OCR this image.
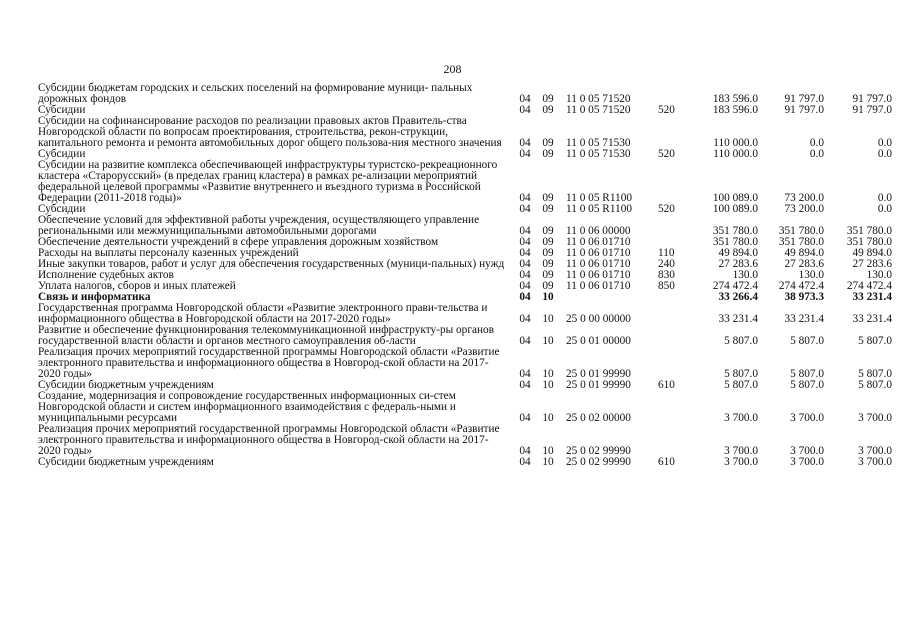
208
Субсидии бюджетам городских и сельских поселений на формирование муници- пальных дорожных фондов	04	09	11 0 05 71520		183 596.0	91 797.0	91 797.0
Субсидии	04	09	11 0 05 71520	520	183 596.0	91 797.0	91 797.0
Субсидии на софинансирование расходов по реализации правовых актов Правитель-ства Новгородской области по вопросам проектирования, строительства, рекон-струкции, капитального ремонта и ремонта автомобильных дорог общего пользова-ния местного значения	04	09	11 0 05 71530		110 000.0	0.0	0.0
Субсидии	04	09	11 0 05 71530	520	110 000.0	0.0	0.0
Субсидии на развитие комплекса обеспечивающей инфраструктуры туристско-рекреационного кластера «Старорусский» (в пределах границ кластера) в рамках ре-ализации мероприятий федеральной целевой программы «Развитие внутреннего и въездного туризма в Российской Федерации (2011-2018 годы)»	04	09	11 0 05 R1100		100 089.0	73 200.0	0.0
Субсидии	04	09	11 0 05 R1100	520	100 089.0	73 200.0	0.0
Обеспечение условий для эффективной работы учреждения, осуществляющего управление региональными или межмуниципальными автомобильными дорогами	04	09	11 0 06 00000		351 780.0	351 780.0	351 780.0
Обеспечение деятельности учреждений в сфере управления дорожным хозяйством	04	09	11 0 06 01710		351 780.0	351 780.0	351 780.0
Расходы на выплаты персоналу казенных учреждений	04	09	11 0 06 01710	110	49 894.0	49 894.0	49 894.0
Иные закупки товаров, работ и услуг для обеспечения государственных (муници-пальных) нужд	04	09	11 0 06 01710	240	27 283.6	27 283.6	27 283.6
Исполнение судебных актов	04	09	11 0 06 01710	830	130.0	130.0	130.0
Уплата налогов, сборов и иных платежей	04	09	11 0 06 01710	850	274 472.4	274 472.4	274 472.4
Связь и информатика	04	10			33 266.4	38 973.3	33 231.4
Государственная программа Новгородской области «Развитие электронного прави-тельства и информационного общества в Новгородской области на 2017-2020 годы»	04	10	25 0 00 00000		33 231.4	33 231.4	33 231.4
Развитие и обеспечение функционирования телекоммуникационной инфраструкту-ры органов государственной власти области и органов местного самоуправления об-ласти	04	10	25 0 01 00000		5 807.0	5 807.0	5 807.0
Реализация прочих мероприятий государственной программы Новгородской области «Развитие электронного правительства и информационного общества в Новгород-ской области на 2017-2020 годы»	04	10	25 0 01 99990		5 807.0	5 807.0	5 807.0
Субсидии бюджетным учреждениям	04	10	25 0 01 99990	610	5 807.0	5 807.0	5 807.0
Создание, модернизация и сопровождение государственных информационных си-стем Новгородской области и систем информационного взаимодействия с федераль-ными и муниципальными ресурсами	04	10	25 0 02 00000		3 700.0	3 700.0	3 700.0
Реализация прочих мероприятий государственной программы Новгородской области «Развитие электронного правительства и информационного общества в Новгород-ской области на 2017-2020 годы»	04	10	25 0 02 99990		3 700.0	3 700.0	3 700.0
Субсидии бюджетным учреждениям	04	10	25 0 02 99990	610	3 700.0	3 700.0	3 700.0
